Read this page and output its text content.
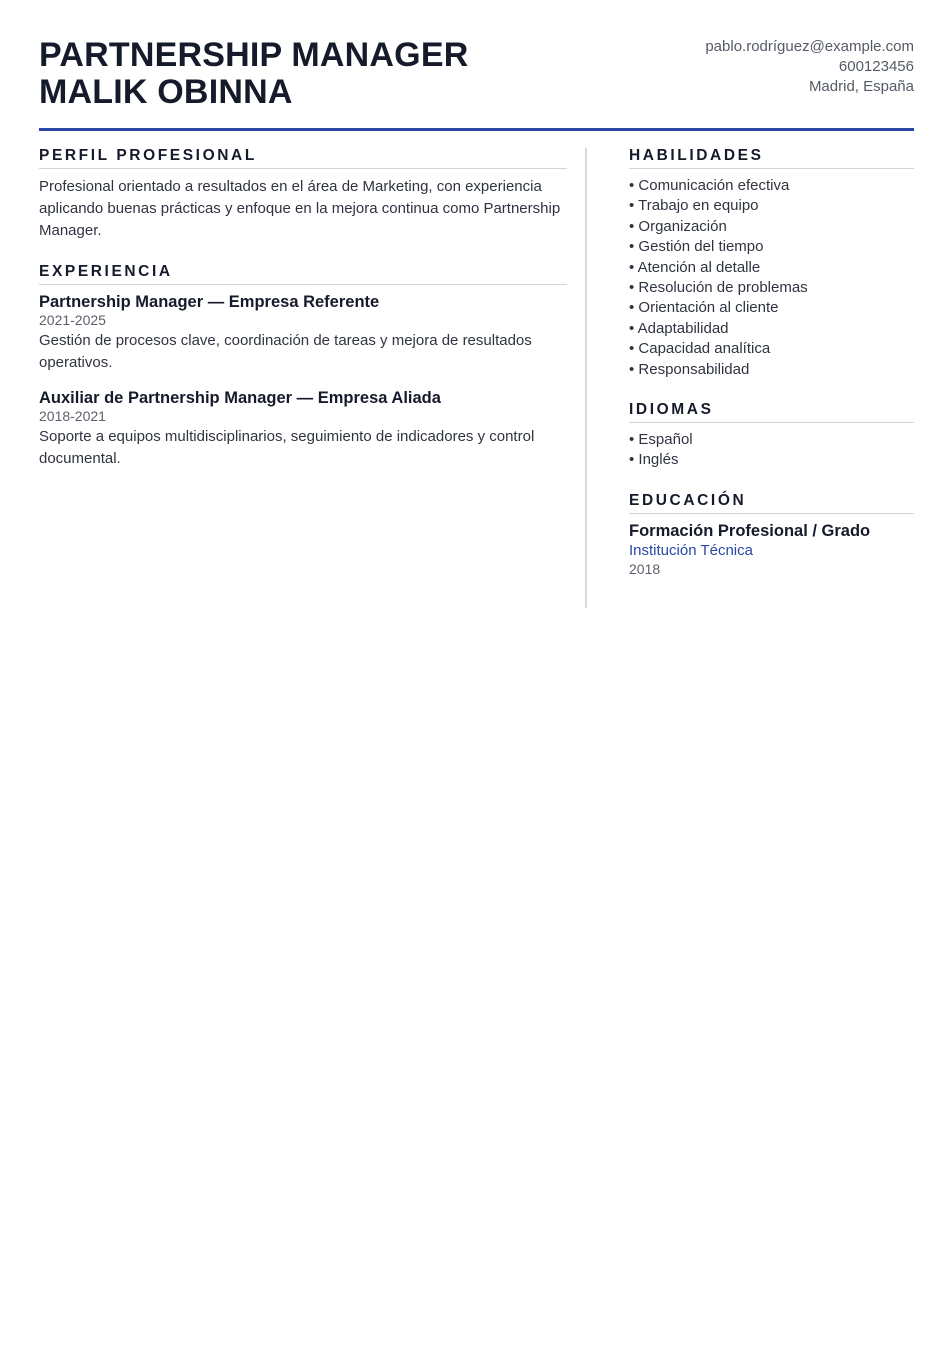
PARTNERSHIP MANAGER
MALIK OBINNA
pablo.rodríguez@example.com
600123456
Madrid, España
PERFIL PROFESIONAL

Profesional orientado a resultados en el área de Marketing, con experiencia aplicando buenas prácticas y enfoque en la mejora continua como Partnership Manager.

EXPERIENCIA

Partnership Manager — Empresa Referente

2021-2025

Gestión de procesos clave, coordinación de tareas y mejora de resultados operativos.

Auxiliar de Partnership Manager — Empresa Aliada

2018-2021

Soporte a equipos multidisciplinarios, seguimiento de indicadores y control documental.

HABILIDADES
• Comunicación efectiva
• Trabajo en equipo
• Organización
• Gestión del tiempo
• Atención al detalle
• Resolución de problemas
• Orientación al cliente
• Adaptabilidad
• Capacidad analítica
• Responsabilidad
IDIOMAS
• Español
• Inglés
EDUCACIÓN

Formación Profesional / Grado

Institución Técnica

2018
